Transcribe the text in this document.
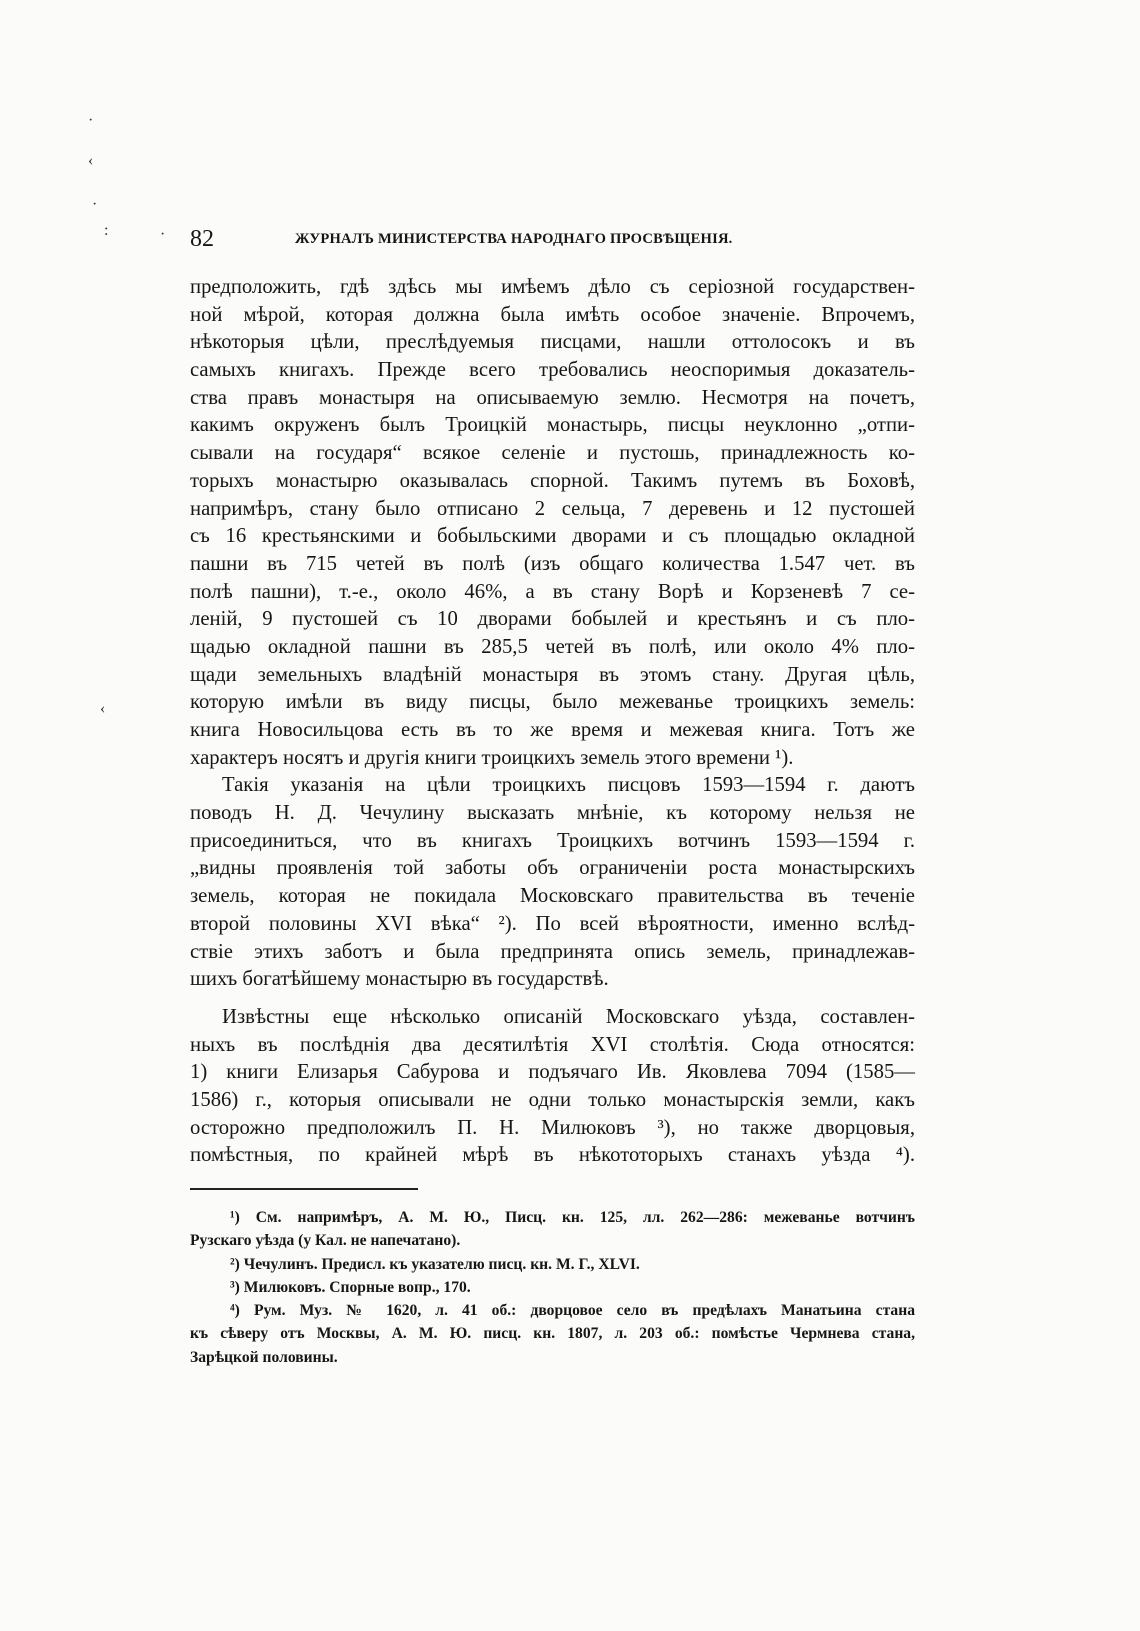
·
‹
·
:	·
‹
82	ЖУРНАЛЪ МИНИСТЕРСТВА НАРОДНАГО ПРОСВѢЩЕНІЯ.
предположить, гдѣ здѣсь мы имѣемъ дѣло съ серіозной государствен-
ной мѣрой, которая должна была имѣть особое значеніе. Впрочемъ,
нѣкоторыя цѣли, преслѣдуемыя писцами, нашли оттолосокъ и въ
самыхъ книгахъ. Прежде всего требовались неоспоримыя доказатель-
ства правъ монастыря на описываемую землю. Несмотря на почетъ,
какимъ окруженъ былъ Троицкій монастырь, писцы неуклонно „отпи-
сывали на государя“ всякое селеніе и пустошь, принадлежность ко-
торыхъ монастырю оказывалась спорной. Такимъ путемъ въ Боховѣ,
напримѣръ, стану было отписано 2 сельца, 7 деревень и 12 пустошей
съ 16 крестьянскими и бобыльскими дворами и съ площадью окладной
пашни въ 715 четей въ полѣ (изъ общаго количества 1.547 чет. въ
полѣ пашни), т.-е., около 46%, а въ стану Ворѣ и Корзеневѣ 7 се-
леній, 9 пустошей съ 10 дворами бобылей и крестьянъ и съ пло-
щадью окладной пашни въ 285,5 четей въ полѣ, или около 4% пло-
щади земельныхъ владѣній монастыря въ этомъ стану. Другая цѣль,
которую имѣли въ виду писцы, было межеванье троицкихъ земель:
книга Новосильцова есть въ то же время и межевая книга. Тотъ же
характеръ носятъ и другія книги троицкихъ земель этого времени ¹).
Такія указанія на цѣли троицкихъ писцовъ 1593—1594 г. даютъ
поводъ Н. Д. Чечулину высказать мнѣніе, къ которому нельзя не
присоединиться, что въ книгахъ Троицкихъ вотчинъ 1593—1594 г.
„видны проявленія той заботы объ ограниченіи роста монастырскихъ
земель, которая не покидала Московскаго правительства въ теченіе
второй половины XVI вѣка“ ²). По всей вѣроятности, именно вслѣд-
ствіе этихъ заботъ и была предпринята опись земель, принадлежав-
шихъ богатѣйшему монастырю въ государствѣ.
Извѣстны еще нѣсколько описаній Московскаго уѣзда, составлен-
ныхъ въ послѣднія два десятилѣтія XVI столѣтія. Сюда относятся:
1) книги Елизарья Сабурова и подъячаго Ив. Яковлева 7094 (1585—
1586) г., которыя описывали не одни только монастырскія земли, какъ
осторожно предположилъ П. Н. Милюковъ ³), но также дворцовыя,
помѣстныя, по крайней мѣрѣ въ нѣкототорыхъ станахъ уѣзда ⁴).
¹) См. напримѣръ, А. М. Ю., Писц. кн. 125, лл. 262—286: межеванье вотчинъ
Рузскаго уѣзда (у Кал. не напечатано).
²) Чечулинъ. Предисл. къ указателю писц. кн. М. Г., XLVI.
³) Милюковъ. Спорные вопр., 170.
⁴) Рум. Муз. № 1620, л. 41 об.: дворцовое село въ предѣлахъ Манатьина стана
къ сѣверу отъ Москвы, А. М. Ю. писц. кн. 1807, л. 203 об.: помѣстье Чермнева стана,
Зарѣцкой половины.
